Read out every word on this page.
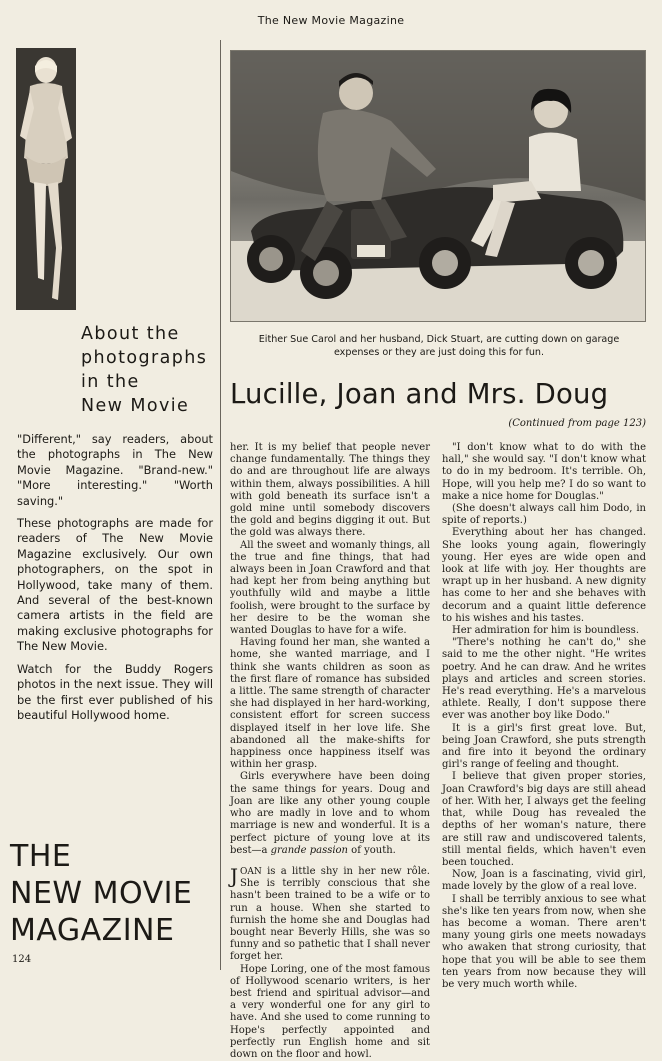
The New Movie Magazine
Either Sue Carol and her husband, Dick Stuart, are cutting down on garage
expenses or they are just doing this for fun.
About the
photographs
in the
New Movie

"Different," say readers, about the photographs in The New Movie Magazine. "Brand-new." "More interesting." "Worth saving."

These photographs are made for readers of The New Movie Magazine exclusively. Our own photographers, on the spot in Hollywood, take many of them. And several of the best-known camera artists in the field are making exclusive photographs for The New Movie.

Watch for the Buddy Rogers photos in the next issue. They will be the first ever published of his beautiful Hollywood home.

THE
NEW MOVIE
MAGAZINE
124
Lucille, Joan and Mrs. Doug
(Continued from page 123)

her. It is my belief that people never change fundamentally. The things they do and are throughout life are always within them, always possibilities. A hill with gold beneath its surface isn't a gold mine until somebody discovers the gold and begins digging it out. But the gold was always there.

All the sweet and womanly things, all the true and fine things, that had always been in Joan Crawford and that had kept her from being anything but youthfully wild and maybe a little foolish, were brought to the surface by her desire to be the woman she wanted Douglas to have for a wife.

Having found her man, she wanted a home, she wanted marriage, and I think she wants children as soon as the first flare of romance has subsided a little. The same strength of character she had displayed in her hard-working, consistent effort for screen success displayed itself in her love life. She abandoned all the make-shifts for happiness once happiness itself was within her grasp.

Girls everywhere have been doing the same things for years. Doug and Joan are like any other young couple who are madly in love and to whom marriage is new and wonderful. It is a perfect picture of young love at its best—a grande passion of youth.

JOAN is a little shy in her new rôle. She is terribly conscious that she hasn't been trained to be a wife or to run a house. When she started to furnish the home she and Douglas had bought near Beverly Hills, she was so funny and so pathetic that I shall never forget her.

Hope Loring, one of the most famous of Hollywood scenario writers, is her best friend and spiritual advisor—and a very wonderful one for any girl to have. And she used to come running to Hope's perfectly appointed and perfectly run English home and sit down on the floor and howl.

"I don't know what to do with the hall," she would say. "I don't know what to do in my bedroom. It's terrible. Oh, Hope, will you help me? I do so want to make a nice home for Douglas."

(She doesn't always call him Dodo, in spite of reports.)

Everything about her has changed. She looks young again, floweringly young. Her eyes are wide open and look at life with joy. Her thoughts are wrapt up in her husband. A new dignity has come to her and she behaves with decorum and a quaint little deference to his wishes and his tastes.

Her admiration for him is boundless.

"There's nothing he can't do," she said to me the other night. "He writes poetry. And he can draw. And he writes plays and articles and screen stories. He's read everything. He's a marvelous athlete. Really, I don't suppose there ever was another boy like Dodo."

It is a girl's first great love. But, being Joan Crawford, she puts strength and fire into it beyond the ordinary girl's range of feeling and thought.

I believe that given proper stories, Joan Crawford's big days are still ahead of her. With her, I always get the feeling that, while Doug has revealed the depths of her woman's nature, there are still raw and undiscovered talents, still mental fields, which haven't even been touched.

Now, Joan is a fascinating, vivid girl, made lovely by the glow of a real love.

I shall be terribly anxious to see what she's like ten years from now, when she has become a woman. There aren't many young girls one meets nowadays who awaken that strong curiosity, that hope that you will be able to see them ten years from now because they will be very much worth while.
